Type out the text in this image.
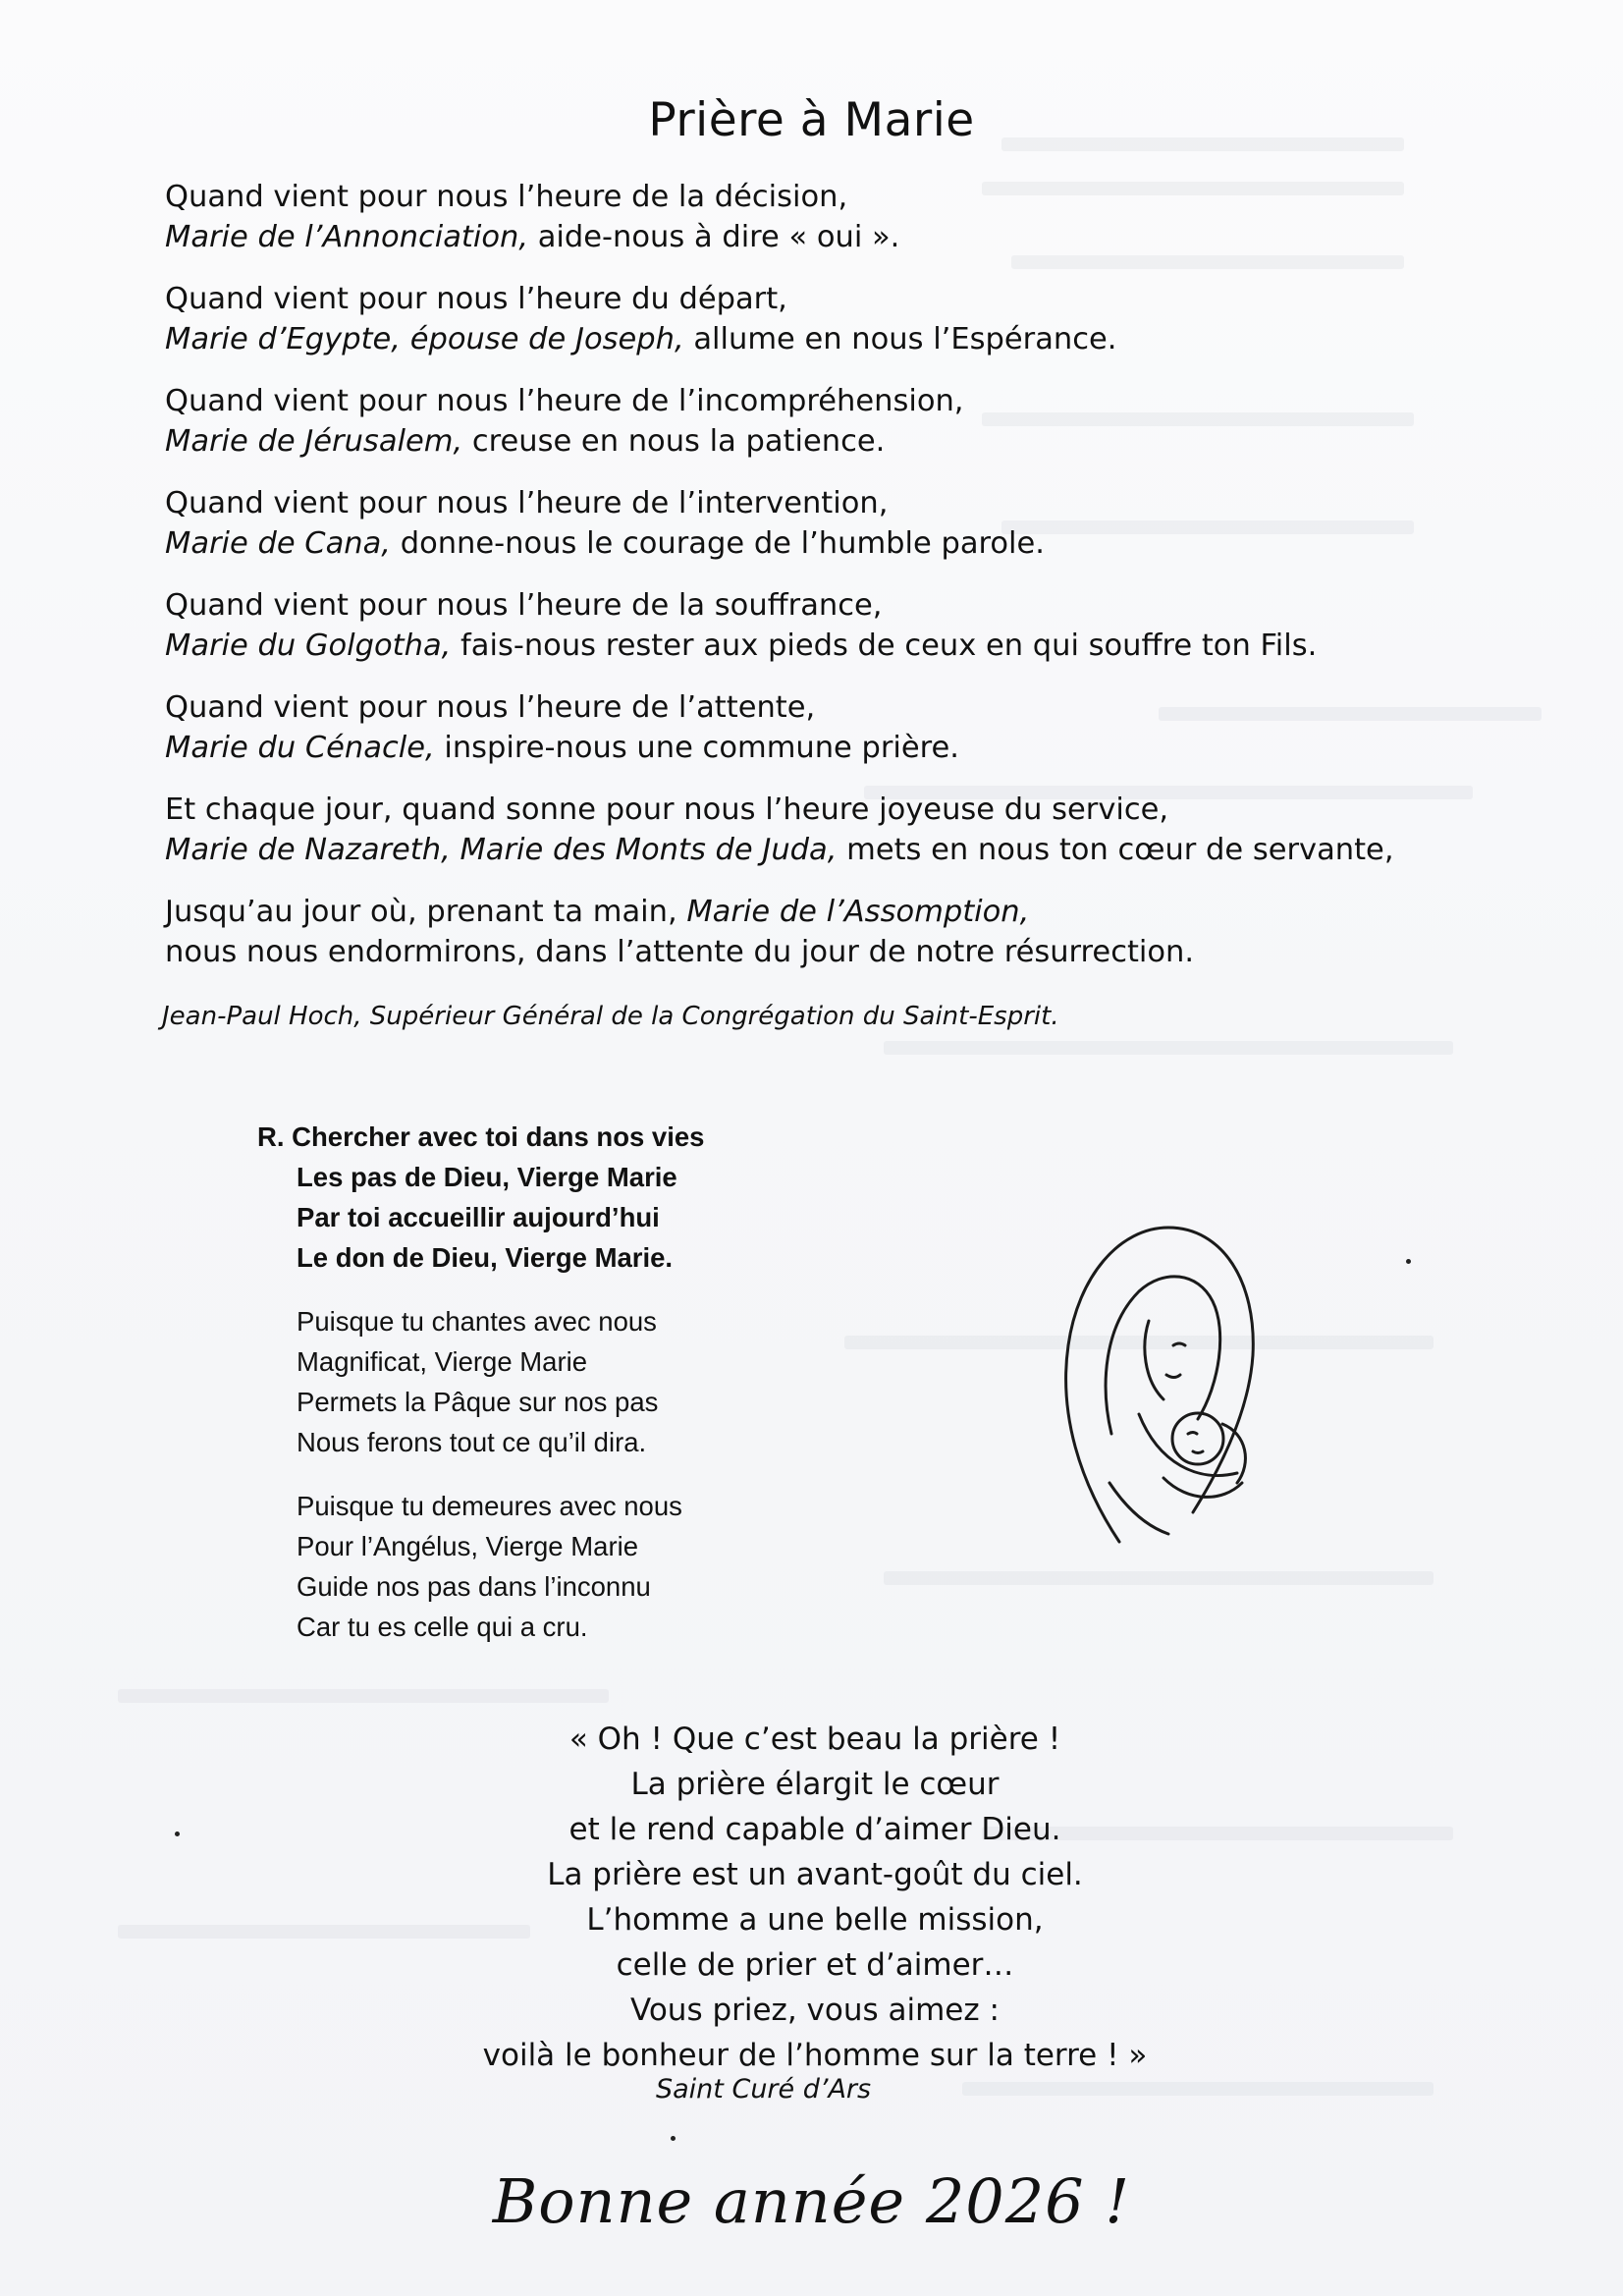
Prière à Marie
Quand vient pour nous l’heure de la décision,
Marie de l’Annonciation, aide-nous à dire « oui ».
Quand vient pour nous l’heure du départ,
Marie d’Egypte, épouse de Joseph, allume en nous l’Espérance.
Quand vient pour nous l’heure de l’incompréhension,
Marie de Jérusalem, creuse en nous la patience.
Quand vient pour nous l’heure de l’intervention,
Marie de Cana, donne-nous le courage de l’humble parole.
Quand vient pour nous l’heure de la souffrance,
Marie du Golgotha, fais-nous rester aux pieds de ceux en qui souffre ton Fils.
Quand vient pour nous l’heure de l’attente,
Marie du Cénacle, inspire-nous une commune prière.
Et chaque jour, quand sonne pour nous l’heure joyeuse du service,
Marie de Nazareth, Marie des Monts de Juda, mets en nous ton cœur de servante,
Jusqu’au jour où, prenant ta main, Marie de l’Assomption,
nous nous endormirons, dans l’attente du jour de notre résurrection.
Jean-Paul Hoch, Supérieur Général de la Congrégation du Saint-Esprit.
R. Chercher avec toi dans nos vies
Les pas de Dieu, Vierge Marie
Par toi accueillir aujourd’hui
Le don de Dieu, Vierge Marie.
Puisque tu chantes avec nous
Magnificat, Vierge Marie
Permets la Pâque sur nos pas
Nous ferons tout ce qu’il dira.
Puisque tu demeures avec nous
Pour l’Angélus, Vierge Marie
Guide nos pas dans l’inconnu
Car tu es celle qui a cru.
« Oh ! Que c’est beau la prière !
La prière élargit le cœur
et le rend capable d’aimer Dieu.
La prière est un avant-goût du ciel.
L’homme a une belle mission,
celle de prier et d’aimer…
Vous priez, vous aimez :
voilà le bonheur de l’homme sur la terre ! »
Saint Curé d’Ars
Bonne année 2026 !
